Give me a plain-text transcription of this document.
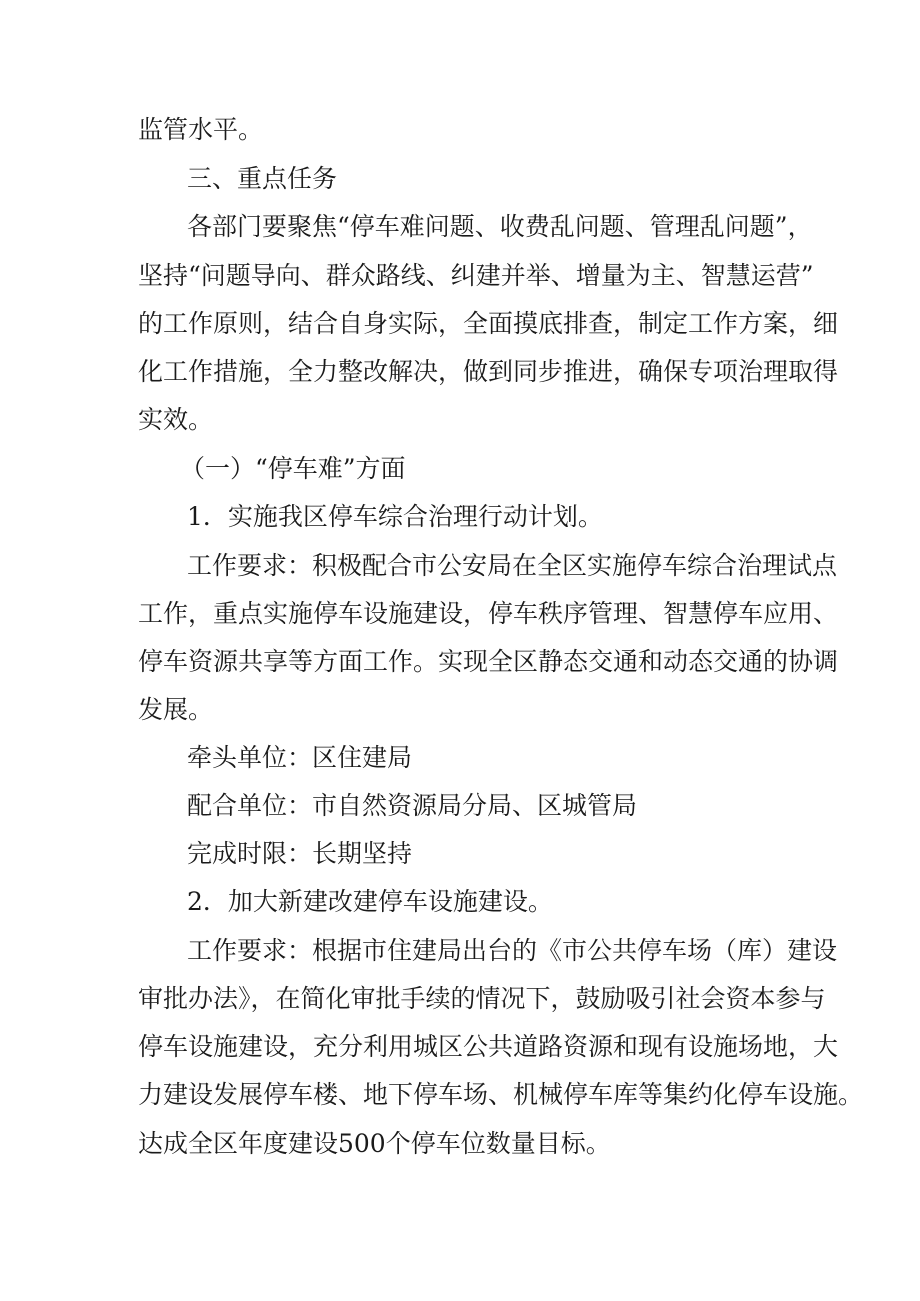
监管水平。
三、重点任务
各部门要聚焦“停车难问题、收费乱问题、管理乱问题”，
坚持“问题导向、群众路线、纠建并举、增量为主、智慧运营”
的工作原则，结合自身实际，全面摸底排查，制定工作方案，细
化工作措施，全力整改解决，做到同步推进，确保专项治理取得
实效。
（一）“停车难”方面
1．实施我区停车综合治理行动计划。
工作要求：积极配合市公安局在全区实施停车综合治理试点
工作，重点实施停车设施建设，停车秩序管理、智慧停车应用、
停车资源共享等方面工作。实现全区静态交通和动态交通的协调
发展。
牵头单位：区住建局
配合单位：市自然资源局分局、区城管局
完成时限：长期坚持
2．加大新建改建停车设施建设。
工作要求：根据市住建局出台的《市公共停车场（库）建设
审批办法》，在简化审批手续的情况下，鼓励吸引社会资本参与
停车设施建设，充分利用城区公共道路资源和现有设施场地，大
力建设发展停车楼、地下停车场、机械停车库等集约化停车设施。
达成全区年度建设500个停车位数量目标。
